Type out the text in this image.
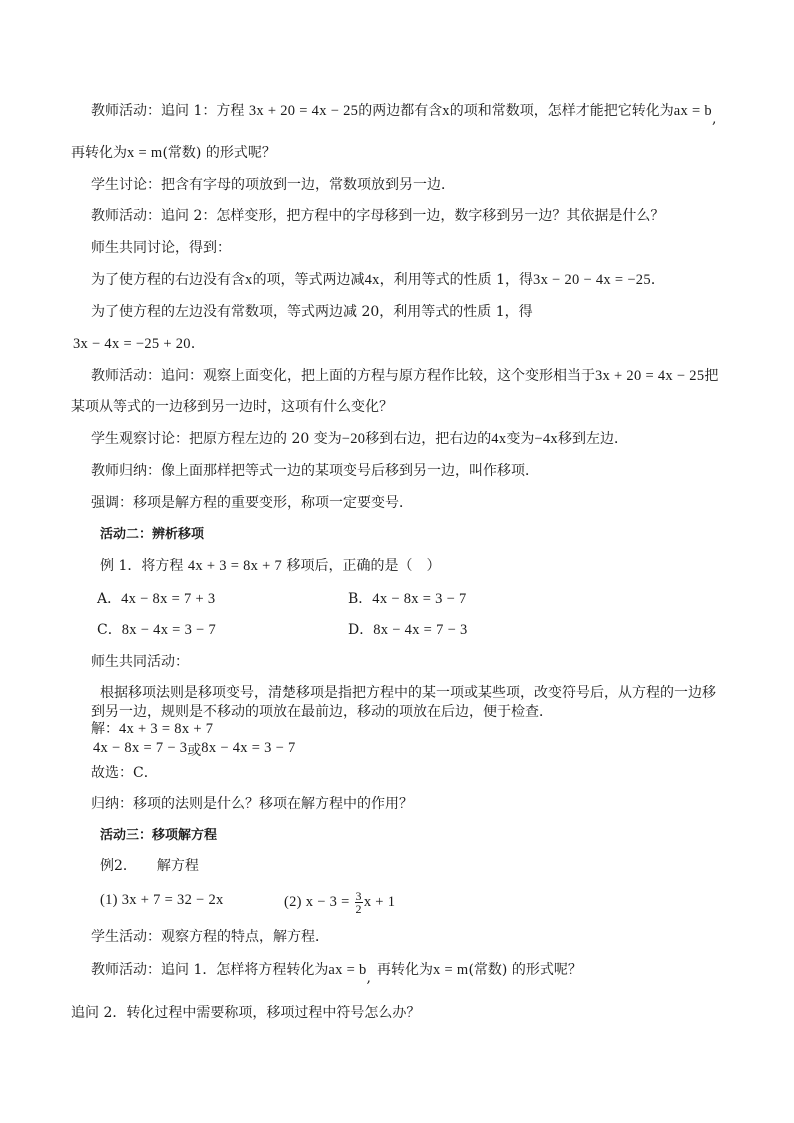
教师活动：追问 1：方程 3x + 20 = 4x − 25的两边都有含x的项和常数项，怎样才能把它转化为ax = b,
再转化为x = m(常数) 的形式呢？
学生讨论：把含有字母的项放到一边，常数项放到另一边．
教师活动：追问 2：怎样变形，把方程中的字母移到一边，数字移到另一边？其依据是什么？
师生共同讨论，得到：
为了使方程的右边没有含x的项，等式两边减4x，利用等式的性质 1，得3x − 20 − 4x = −25．
为了使方程的左边没有常数项，等式两边减 20，利用等式的性质 1，得
3x − 4x = −25 + 20．
教师活动：追问：观察上面变化，把上面的方程与原方程作比较，这个变形相当于3x + 20 = 4x − 25把
某项从等式的一边移到另一边时，这项有什么变化？
学生观察讨论：把原方程左边的 20 变为−20移到右边，把右边的4x变为−4x移到左边．
教师归纳：像上面那样把等式一边的某项变号后移到另一边，叫作移项．
强调：移项是解方程的重要变形，称项一定要变号．
活动二：辨析移项
例 1．将方程 4x + 3 = 8x + 7 移项后，正确的是（　）
A．4x − 8x = 7 + 3	B．4x − 8x = 3 − 7
C．8x − 4x = 3 − 7	D．8x − 4x = 7 − 3
师生共同活动：
根据移项法则是移项变号，清楚移项是指把方程中的某一项或某些项，改变符号后，从方程的一边移
到另一边，规则是不移动的项放在最前边，移动的项放在后边，便于检查．
解：4x + 3 = 8x + 7
4x − 8x = 7 − 3或8x − 4x = 3 − 7
故选：C．
归纳：移项的法则是什么？移项在解方程中的作用？
活动三：移项解方程
例2． 解方程
(1) 3x + 7 = 32 − 2x	(2) $x - 3 = \frac{3}{2}$ x + 1
学生活动：观察方程的特点，解方程．
教师活动：追问 1．怎样将方程转化为ax = b, 再转化为x = m(常数) 的形式呢？
追问 2．转化过程中需要称项，移项过程中符号怎么办？
